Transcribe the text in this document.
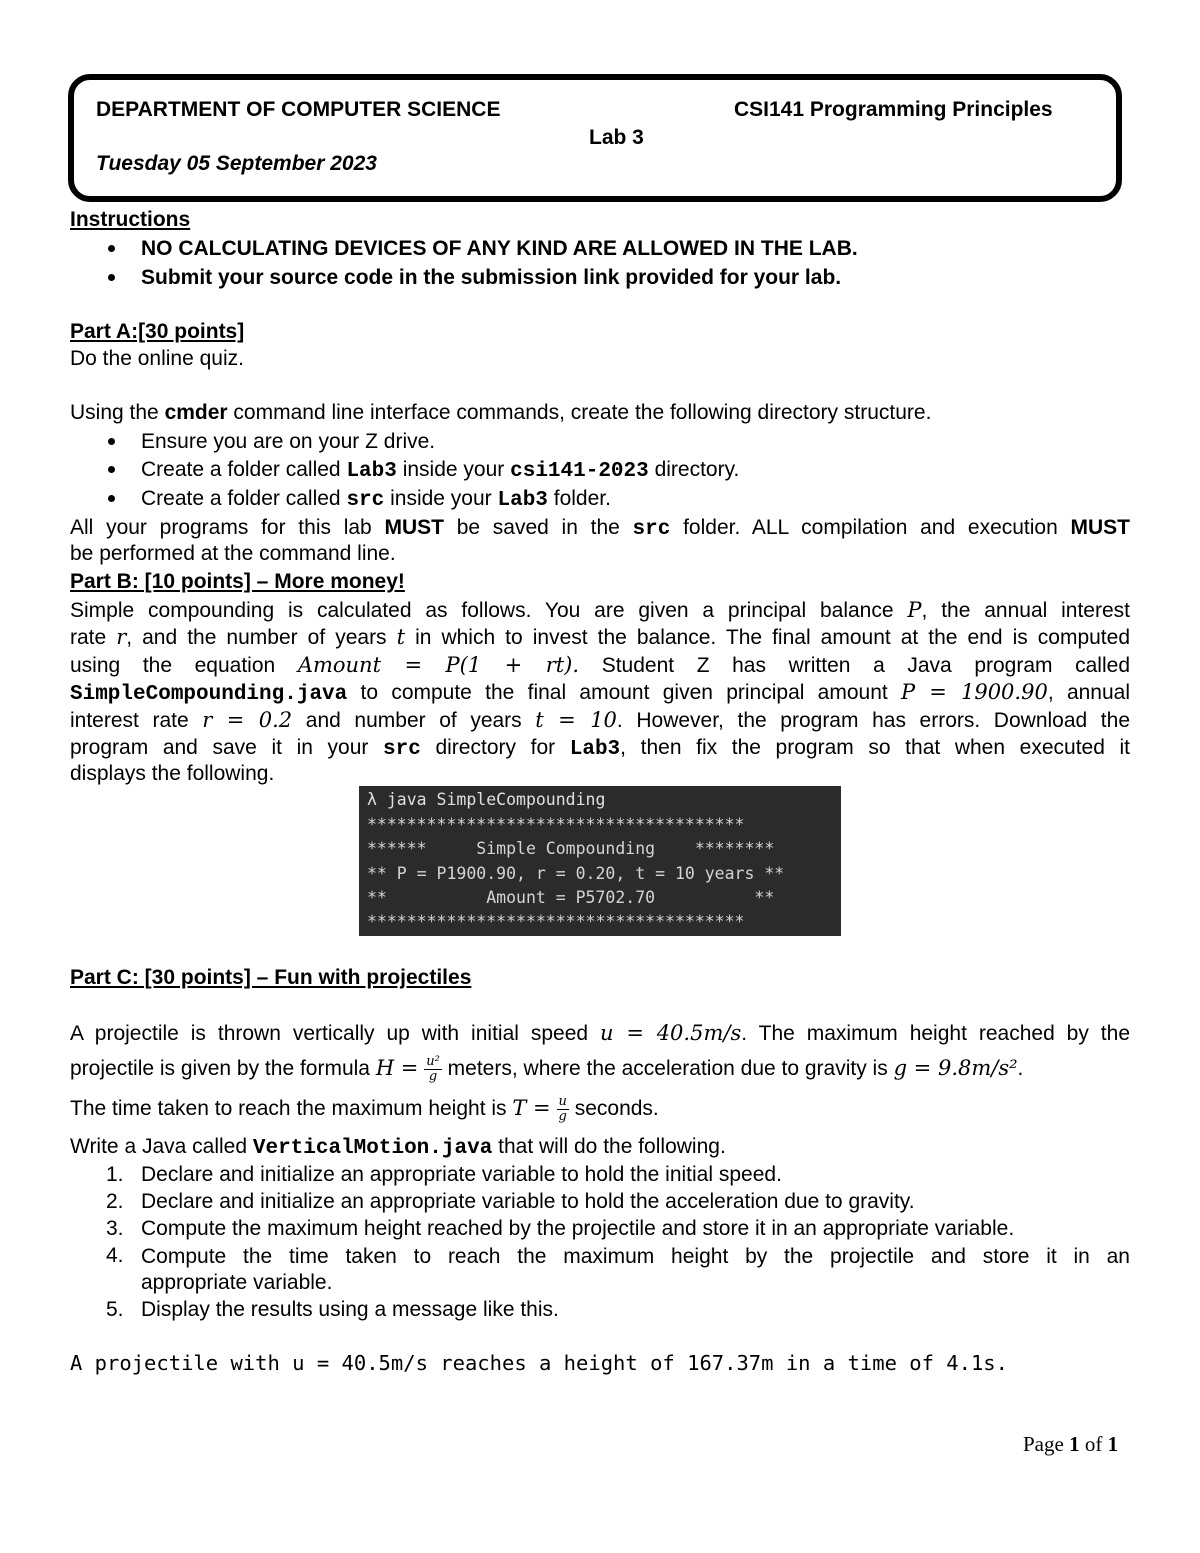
DEPARTMENT OF COMPUTER SCIENCE	CSI141 Programming Principles
Lab 3
Tuesday 05 September 2023
Instructions
NO CALCULATING DEVICES OF ANY KIND ARE ALLOWED IN THE LAB.
Submit your source code in the submission link provided for your lab.
Part A:[30 points]
Do the online quiz.
Using the cmder command line interface commands, create the following directory structure.
Ensure you are on your Z drive.
Create a folder called Lab3 inside your csi141-2023 directory.
Create a folder called src inside your Lab3 folder.
All your programs for this lab MUST be saved in the src folder. ALL compilation and execution MUST
be performed at the command line.
Part B: [10 points] – More money!
Simple compounding is calculated as follows. You are given a principal balance P, the annual interest
rate r, and the number of years t in which to invest the balance. The final amount at the end is computed
using the equation Amount = P(1 + rt). Student Z has written a Java program called
SimpleCompounding.java to compute the final amount given principal amount P = 1900.90, annual
interest rate r = 0.2 and number of years t = 10. However, the program has errors. Download the
program and save it in your src directory for Lab3, then fix the program so that when executed it
displays the following.
λ java SimpleCompounding
**************************************
******     Simple Compounding    ********
** P = P1900.90, r = 0.20, t = 10 years **
**          Amount = P5702.70          **
**************************************
Part C: [30 points] – Fun with projectiles
A projectile is thrown vertically up with initial speed u = 40.5m/s. The maximum height reached by the
projectile is given by the formula $H = \frac{\text{u²}}{g}$ meters, where the acceleration due to gravity is g = 9.8m/s².
The time taken to reach the maximum height is $T = \frac{u}{g}$ seconds.
Write a Java called VerticalMotion.java that will do the following.
1. Declare and initialize an appropriate variable to hold the initial speed.
2. Declare and initialize an appropriate variable to hold the acceleration due to gravity.
3. Compute the maximum height reached by the projectile and store it in an appropriate variable.
4. Compute the time taken to reach the maximum height by the projectile and store it in an
appropriate variable.
5. Display the results using a message like this.
A projectile with u = 40.5m/s reaches a height of 167.37m in a time of 4.1s.
Page 1 of 1
